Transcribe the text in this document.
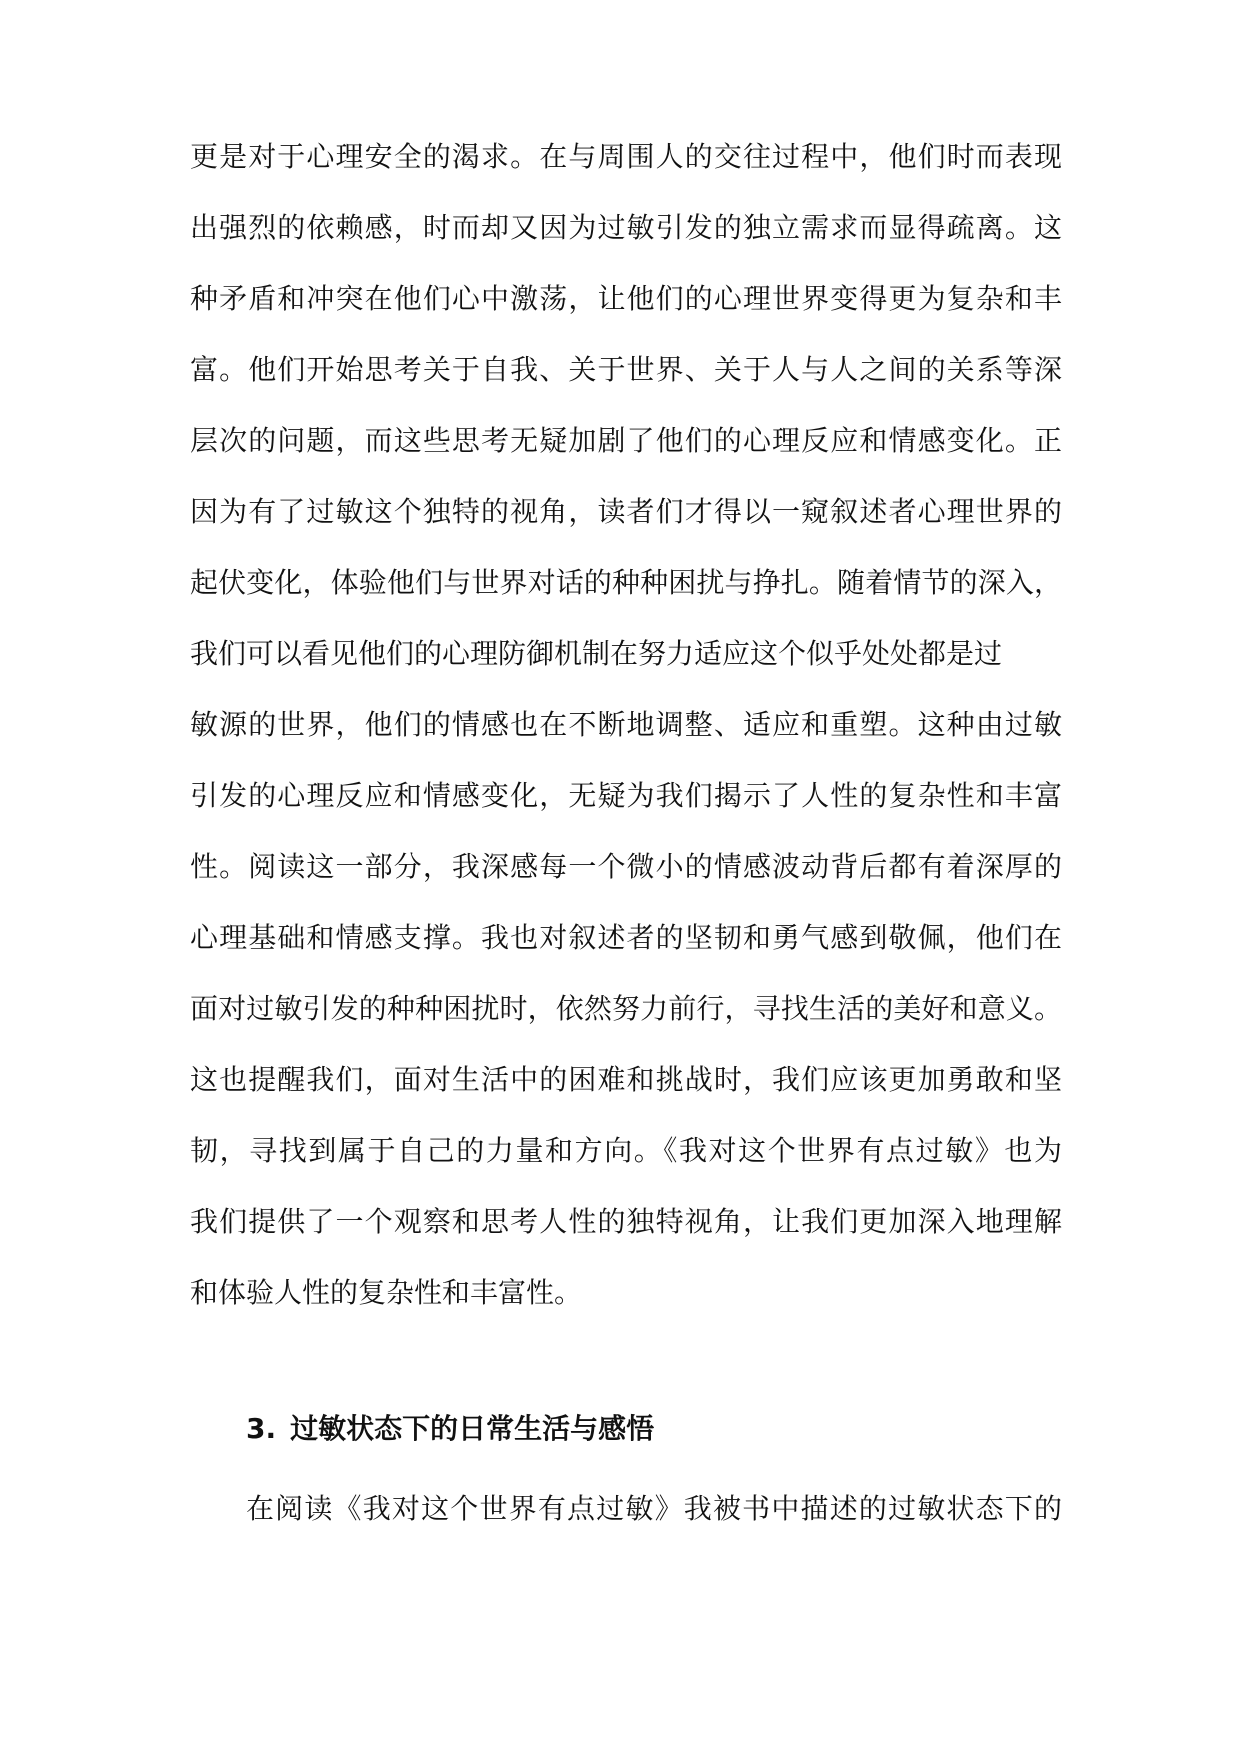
更是对于心理安全的渴求。在与周围人的交往过程中，他们时而表现
出强烈的依赖感，时而却又因为过敏引发的独立需求而显得疏离。这
种矛盾和冲突在他们心中激荡，让他们的心理世界变得更为复杂和丰
富。他们开始思考关于自我、关于世界、关于人与人之间的关系等深
层次的问题，而这些思考无疑加剧了他们的心理反应和情感变化。正
因为有了过敏这个独特的视角，读者们才得以一窥叙述者心理世界的
起伏变化，体验他们与世界对话的种种困扰与挣扎。随着情节的深入，
我们可以看见他们的心理防御机制在努力适应这个似乎处处都是过
敏源的世界，他们的情感也在不断地调整、适应和重塑。这种由过敏
引发的心理反应和情感变化，无疑为我们揭示了人性的复杂性和丰富
性。阅读这一部分，我深感每一个微小的情感波动背后都有着深厚的
心理基础和情感支撑。我也对叙述者的坚韧和勇气感到敬佩，他们在
面对过敏引发的种种困扰时，依然努力前行，寻找生活的美好和意义。
这也提醒我们，面对生活中的困难和挑战时，我们应该更加勇敢和坚
韧，寻找到属于自己的力量和方向。《我对这个世界有点过敏》也为
我们提供了一个观察和思考人性的独特视角，让我们更加深入地理解
和体验人性的复杂性和丰富性。
3. 过敏状态下的日常生活与感悟
在阅读《我对这个世界有点过敏》我被书中描述的过敏状态下的
